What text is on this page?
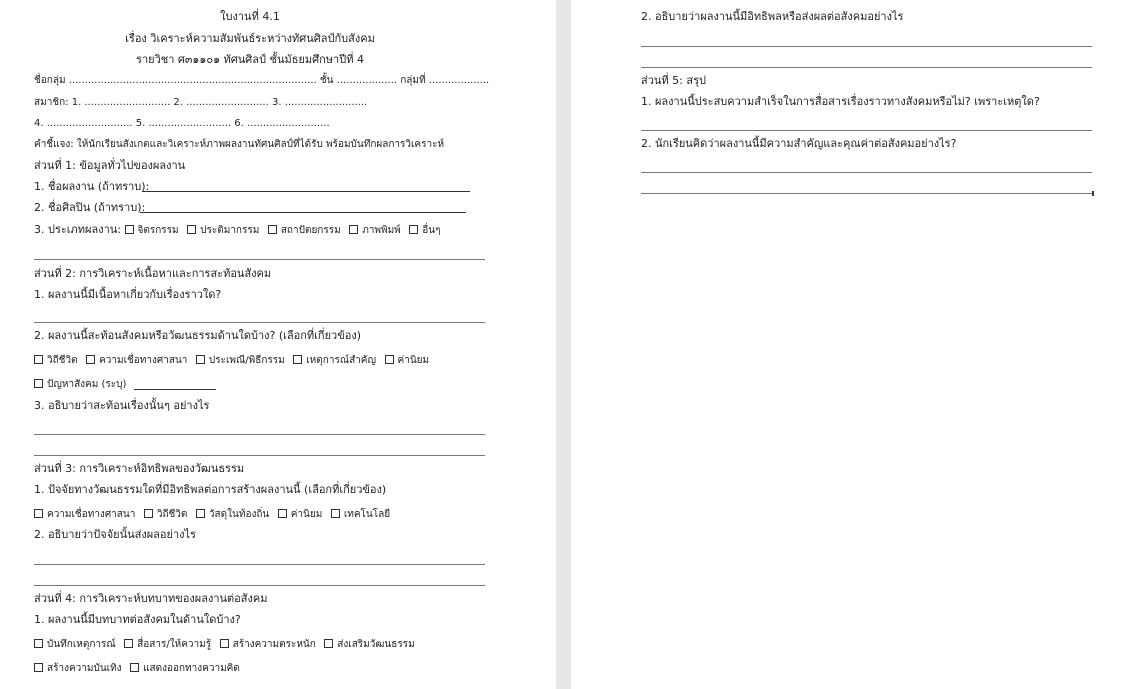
ใบงานที่ 4.1
เรื่อง วิเคราะห์ความสัมพันธ์ระหว่างทัศนศิลป์กับสังคม
รายวิชา ศ๓๑๑๐๑ ทัศนศิลป์ ชั้นมัธยมศึกษาปีที่ 4
ชื่อกลุ่ม .............................................................................. ชั้น ................... กลุ่มที่ ...................
สมาชิก: 1. ........................... 2. .......................... 3. ..........................
4. ........................... 5. .......................... 6. ..........................
คำชี้แจง: ให้นักเรียนสังเกตและวิเคราะห์ภาพผลงานทัศนศิลป์ที่ได้รับ พร้อมบันทึกผลการวิเคราะห์
ส่วนที่ 1: ข้อมูลทั่วไปของผลงาน
1. ชื่อผลงาน (ถ้าทราบ):
2. ชื่อศิลปิน (ถ้าทราบ):
3. ประเภทผลงาน: จิตรกรรม ประติมากรรม สถาปัตยกรรม ภาพพิมพ์ อื่นๆ
ส่วนที่ 2: การวิเคราะห์เนื้อหาและการสะท้อนสังคม
1. ผลงานนี้มีเนื้อหาเกี่ยวกับเรื่องราวใด?
2. ผลงานนี้สะท้อนสังคมหรือวัฒนธรรมด้านใดบ้าง? (เลือกที่เกี่ยวข้อง)
วิถีชีวิต ความเชื่อทางศาสนา ประเพณี/พิธีกรรม เหตุการณ์สำคัญ ค่านิยม
ปัญหาสังคม (ระบุ)
3. อธิบายว่าสะท้อนเรื่องนั้นๆ อย่างไร
ส่วนที่ 3: การวิเคราะห์อิทธิพลของวัฒนธรรม
1. ปัจจัยทางวัฒนธรรมใดที่มีอิทธิพลต่อการสร้างผลงานนี้ (เลือกที่เกี่ยวข้อง)
ความเชื่อทางศาสนา วิถีชีวิต วัสดุในท้องถิ่น ค่านิยม เทคโนโลยี
2. อธิบายว่าปัจจัยนั้นส่งผลอย่างไร
ส่วนที่ 4: การวิเคราะห์บทบาทของผลงานต่อสังคม
1. ผลงานนี้มีบทบาทต่อสังคมในด้านใดบ้าง?
บันทึกเหตุการณ์ สื่อสาร/ให้ความรู้ สร้างความตระหนัก ส่งเสริมวัฒนธรรม
สร้างความบันเทิง แสดงออกทางความคิด
2. อธิบายว่าผลงานนี้มีอิทธิพลหรือส่งผลต่อสังคมอย่างไร
ส่วนที่ 5: สรุป
1. ผลงานนี้ประสบความสำเร็จในการสื่อสารเรื่องราวทางสังคมหรือไม่? เพราะเหตุใด?
2. นักเรียนคิดว่าผลงานนี้มีความสำคัญและคุณค่าต่อสังคมอย่างไร?
